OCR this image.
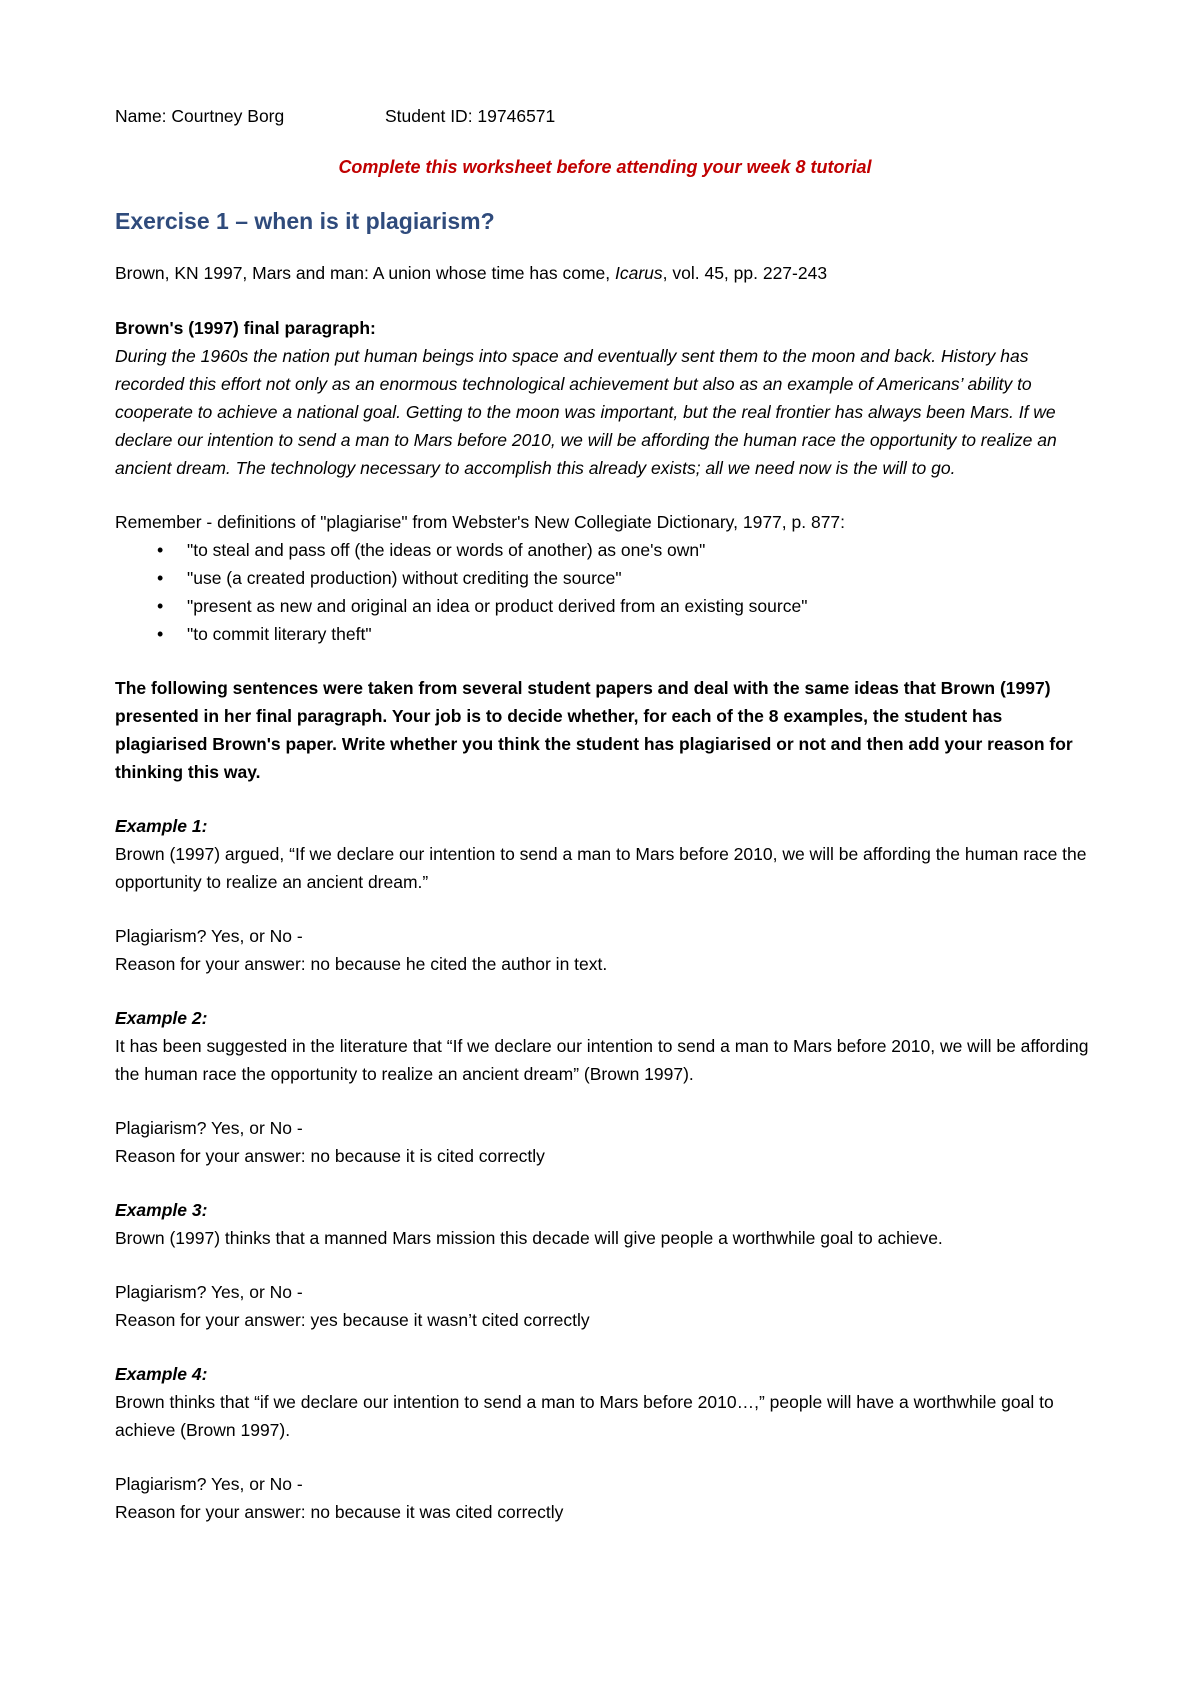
Name: Courtney Borg	Student ID: 19746571
Complete this worksheet before attending your week 8 tutorial
Exercise 1 – when is it plagiarism?
Brown, KN 1997, Mars and man: A union whose time has come, Icarus, vol. 45, pp. 227-243
Brown's (1997) final paragraph:
During the 1960s the nation put human beings into space and eventually sent them to the moon and back. History has recorded this effort not only as an enormous technological achievement but also as an example of Americans’ ability to cooperate to achieve a national goal. Getting to the moon was important, but the real frontier has always been Mars. If we declare our intention to send a man to Mars before 2010, we will be affording the human race the opportunity to realize an ancient dream. The technology necessary to accomplish this already exists; all we need now is the will to go.
Remember - definitions of "plagiarise" from Webster's New Collegiate Dictionary, 1977, p. 877:
• "to steal and pass off (the ideas or words of another) as one's own"
• "use (a created production) without crediting the source"
• "present as new and original an idea or product derived from an existing source"
• "to commit literary theft"
The following sentences were taken from several student papers and deal with the same ideas that Brown (1997) presented in her final paragraph. Your job is to decide whether, for each of the 8 examples, the student has plagiarised Brown's paper. Write whether you think the student has plagiarised or not and then add your reason for thinking this way.
Example 1:
Brown (1997) argued, “If we declare our intention to send a man to Mars before 2010, we will be affording the human race the opportunity to realize an ancient dream.”
Plagiarism? Yes, or No -
Reason for your answer: no because he cited the author in text.
Example 2:
It has been suggested in the literature that “If we declare our intention to send a man to Mars before 2010, we will be affording the human race the opportunity to realize an ancient dream” (Brown 1997).
Plagiarism? Yes, or No -
Reason for your answer: no because it is cited correctly
Example 3:
Brown (1997) thinks that a manned Mars mission this decade will give people a worthwhile goal to achieve.
Plagiarism? Yes, or No -
Reason for your answer: yes because it wasn’t cited correctly
Example 4:
Brown thinks that “if we declare our intention to send a man to Mars before 2010…,” people will have a worthwhile goal to achieve (Brown 1997).
Plagiarism? Yes, or No -
Reason for your answer: no because it was cited correctly
